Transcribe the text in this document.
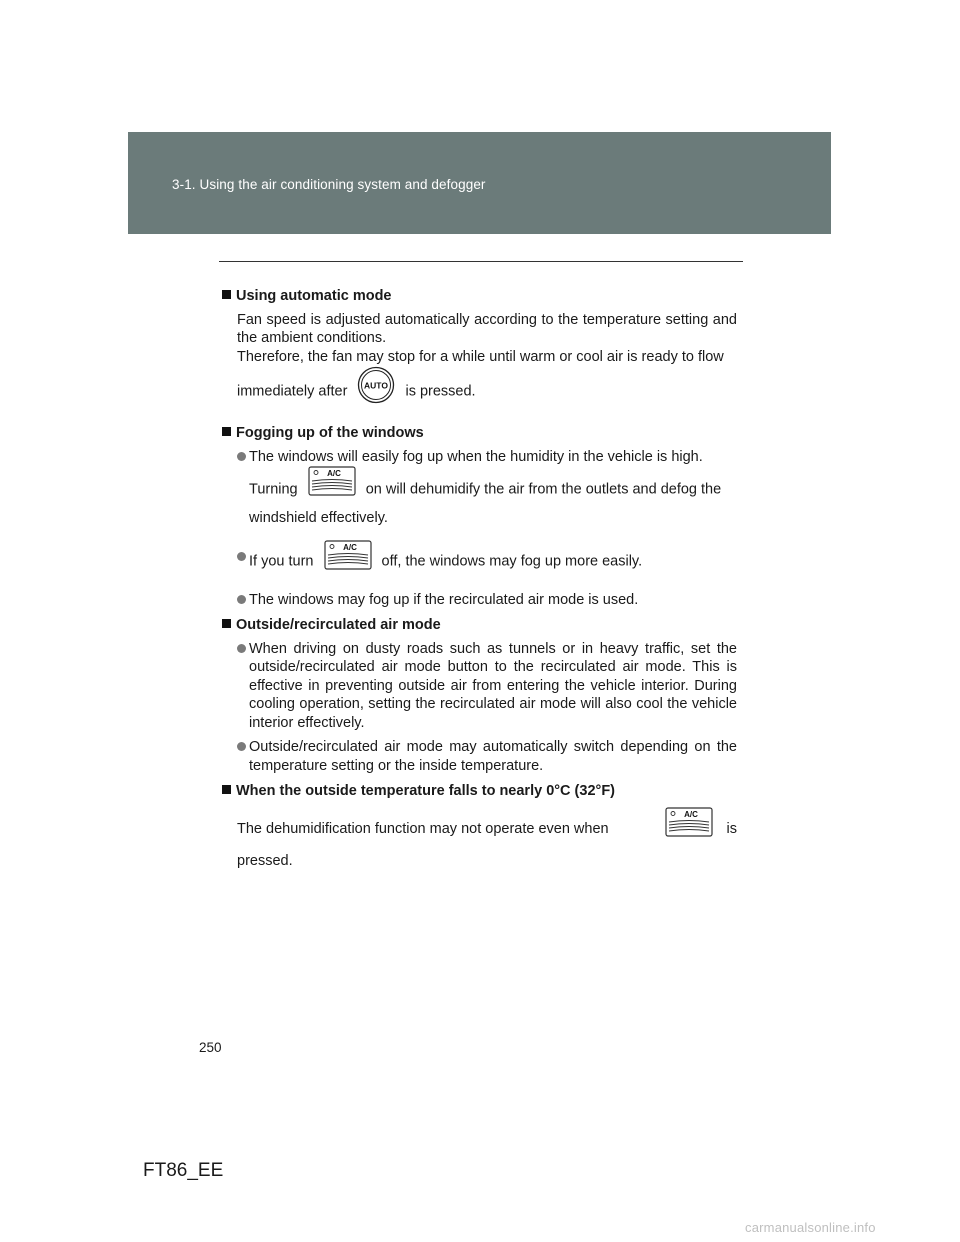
3-1. Using the air conditioning system and defogger
Using automatic mode

Fan speed is adjusted automatically according to the temperature setting and the ambient conditions.

Therefore, the fan may stop for a while until warm or cool air is ready to flow

immediately after AUTO is pressed.

Fogging up of the windows

The windows will easily fog up when the humidity in the vehicle is high.

Turning
A/C
on will dehumidify the air from the outlets and defog the

windshield effectively.

If you turn
A/C
off, the windows may fog up more easily.

The windows may fog up if the recirculated air mode is used.

Outside/recirculated air mode

When driving on dusty roads such as tunnels or in heavy traffic, set the outside/recirculated air mode button to the recirculated air mode. This is effective in preventing outside air from entering the vehicle interior. During cooling operation, setting the recirculated air mode will also cool the vehicle interior effectively.

Outside/recirculated air mode may automatically switch depending on the temperature setting or the inside temperature.

When the outside temperature falls to nearly 0°C (32°F)

The dehumidification function may not operate even when
A/C
is

pressed.

250
FT86_EE
carmanualsonline.info
